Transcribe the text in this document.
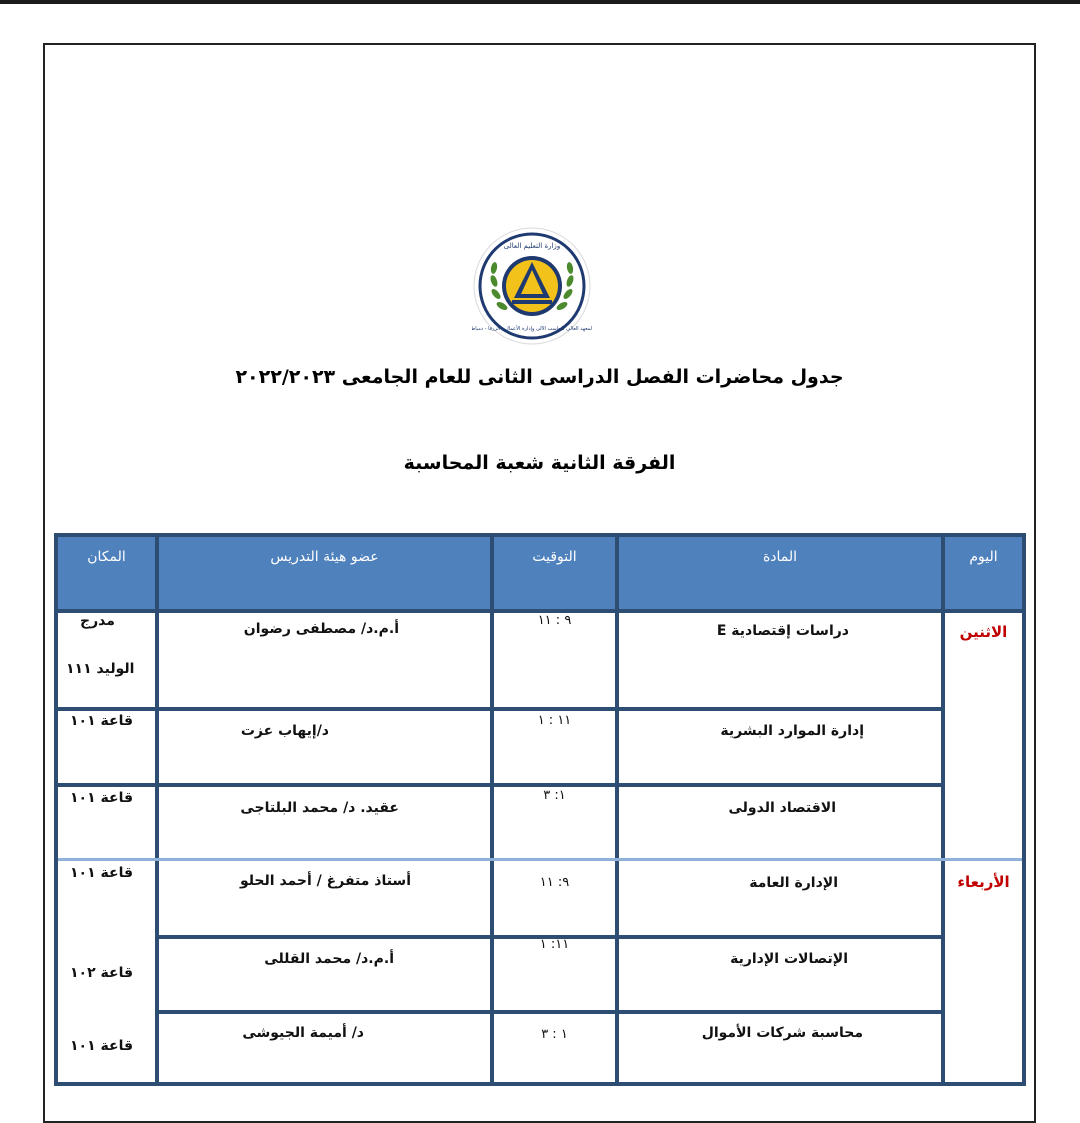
وزارة التعليم العالى
المعهد العالى للحاسب الآلى وإدارة الأعمال - الزرقا - دمياط
جدول محاضرات الفصل الدراسى الثانى للعام الجامعى ٢٠٢٢/٢٠٢٣
الفرقة الثانية شعبة المحاسبة
اليوم
المادة
التوقيت
عضو هيئة التدريس
المكان
الاثنين
الأربعاء
دراسات إقتصادية E
٩ : ١١
أ.م.د/ مصطفى رضوان
مدرج
الوليد ١١١
إدارة الموارد البشرية
١١ : ١
د/إيهاب عزت
قاعة ١٠١
الاقتصاد الدولى
١: ٣
عقيد. د/ محمد البلتاجى
قاعة ١٠١
الإدارة العامة
٩: ١١
أستاذ متفرغ / أحمد الحلو
قاعة ١٠١
الإتصالات الإدارية
١١: ١
أ.م.د/ محمد القللى
قاعة ١٠٢
محاسبة شركات الأموال
١ : ٣
د/ أميمة الجيوشى
قاعة ١٠١
